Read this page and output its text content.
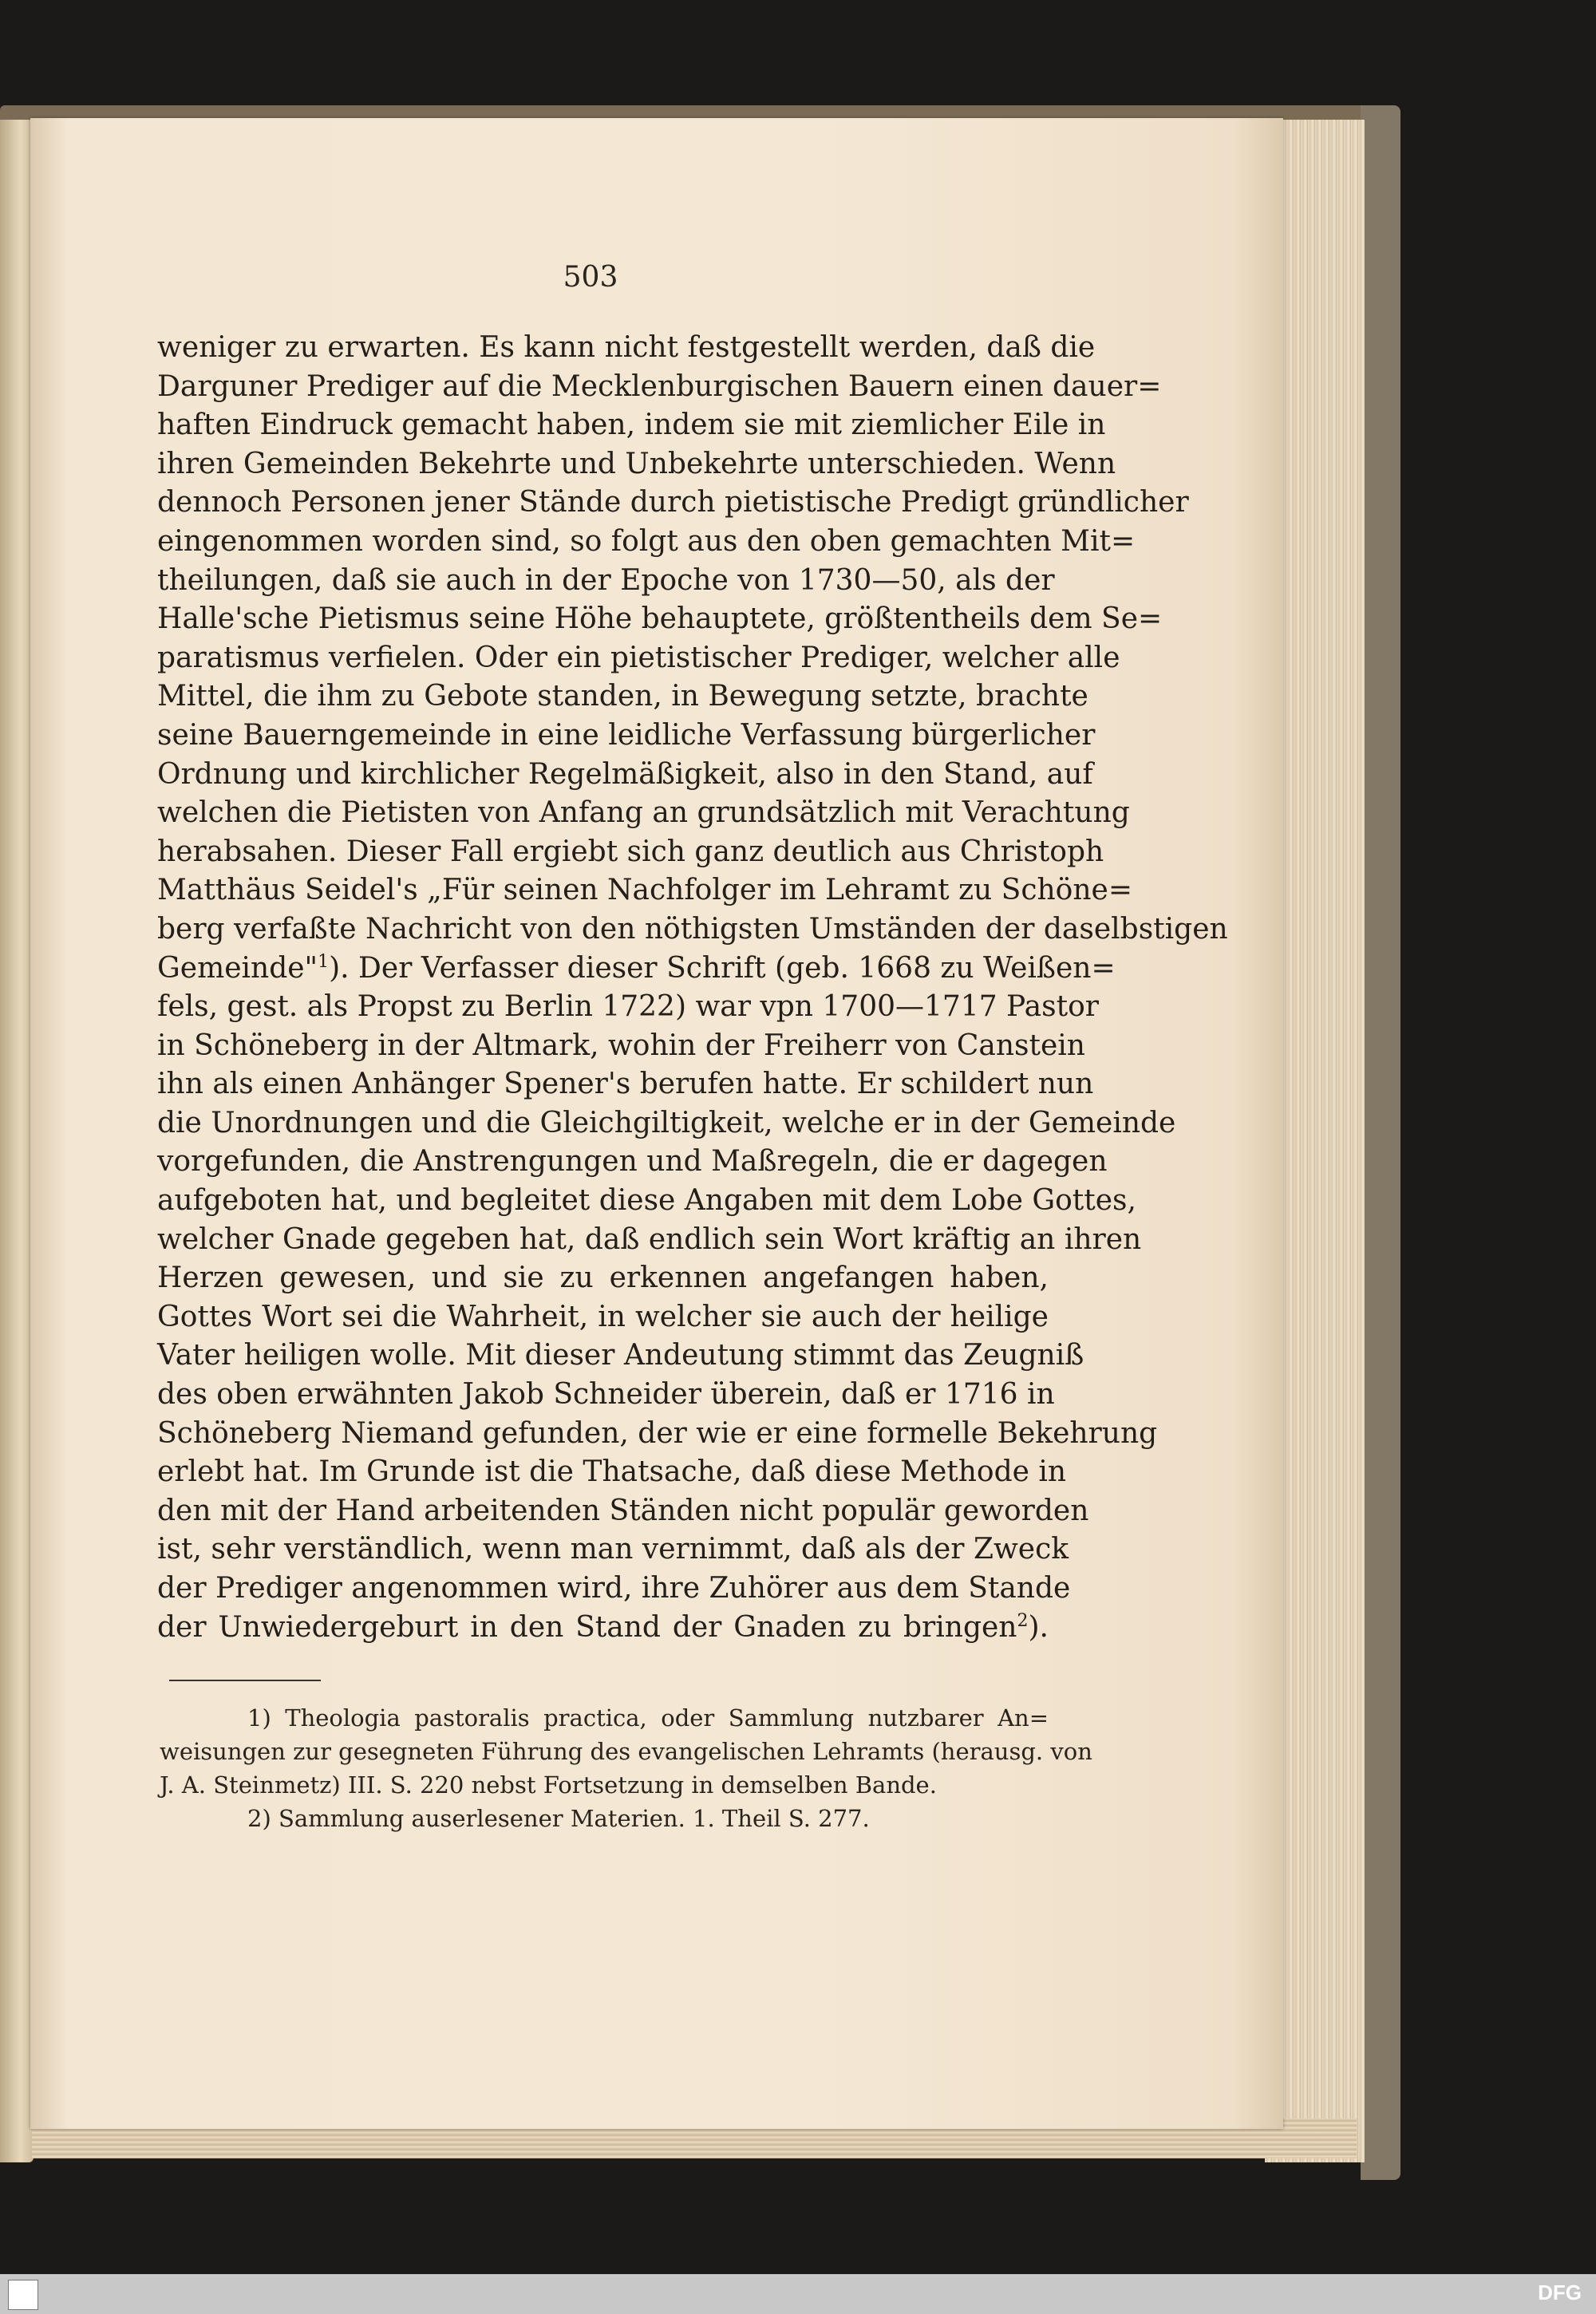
503
weniger zu erwarten. Es kann nicht festgestellt werden, daß die
Darguner Prediger auf die Mecklenburgischen Bauern einen dauer=
haften Eindruck gemacht haben, indem sie mit ziemlicher Eile in
ihren Gemeinden Bekehrte und Unbekehrte unterschieden. Wenn
dennoch Personen jener Stände durch pietistische Predigt gründlicher
eingenommen worden sind, so folgt aus den oben gemachten Mit=
theilungen, daß sie auch in der Epoche von 1730—50, als der
Halle'sche Pietismus seine Höhe behauptete, größtentheils dem Se=
paratismus verfielen. Oder ein pietistischer Prediger, welcher alle
Mittel, die ihm zu Gebote standen, in Bewegung setzte, brachte
seine Bauerngemeinde in eine leidliche Verfassung bürgerlicher
Ordnung und kirchlicher Regelmäßigkeit, also in den Stand, auf
welchen die Pietisten von Anfang an grundsätzlich mit Verachtung
herabsahen. Dieser Fall ergiebt sich ganz deutlich aus Christoph
Matthäus Seidel's „Für seinen Nachfolger im Lehramt zu Schöne=
berg verfaßte Nachricht von den nöthigsten Umständen der daselbstigen
Gemeinde"$^1$). Der Verfasser dieser Schrift (geb. 1668 zu Weißen=
fels, gest. als Propst zu Berlin 1722) war vpn 1700—1717 Pastor
in Schöneberg in der Altmark, wohin der Freiherr von Canstein
ihn als einen Anhänger Spener's berufen hatte. Er schildert nun
die Unordnungen und die Gleichgiltigkeit, welche er in der Gemeinde
vorgefunden, die Anstrengungen und Maßregeln, die er dagegen
aufgeboten hat, und begleitet diese Angaben mit dem Lobe Gottes,
welcher Gnade gegeben hat, daß endlich sein Wort kräftig an ihren
Herzen gewesen, und sie zu erkennen angefangen haben,
Gottes Wort sei die Wahrheit, in welcher sie auch der heilige
Vater heiligen wolle. Mit dieser Andeutung stimmt das Zeugniß
des oben erwähnten Jakob Schneider überein, daß er 1716 in
Schöneberg Niemand gefunden, der wie er eine formelle Bekehrung
erlebt hat. Im Grunde ist die Thatsache, daß diese Methode in
den mit der Hand arbeitenden Ständen nicht populär geworden
ist, sehr verständlich, wenn man vernimmt, daß als der Zweck
der Prediger angenommen wird, ihre Zuhörer aus dem Stande
der Unwiedergeburt in den Stand der Gnaden zu bringen$^2$).
1) Theologia pastoralis practica, oder Sammlung nutzbarer An=
weisungen zur gesegneten Führung des evangelischen Lehramts (herausg. von
J. A. Steinmetz) III. S. 220 nebst Fortsetzung in demselben Bande.
2) Sammlung auserlesener Materien. 1. Theil S. 277.
DFG
